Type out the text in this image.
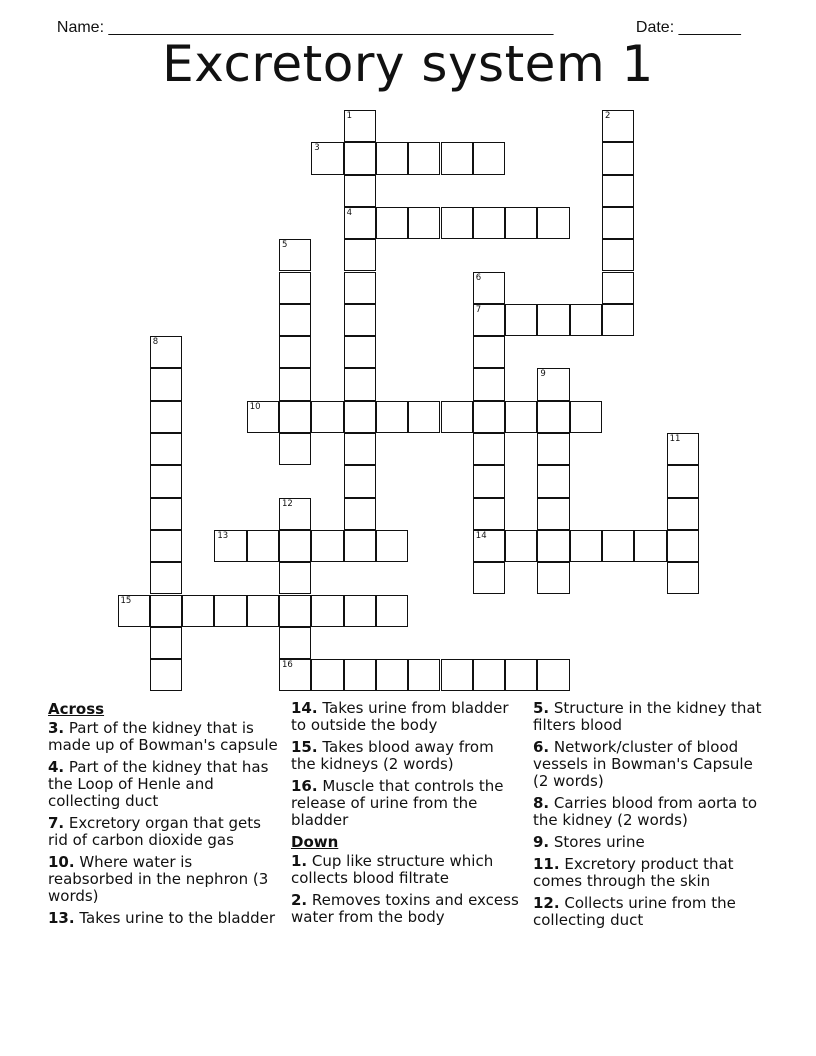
Name: __________________________________________________	Date: _______

Excretory system 1
1
4
2
3
5
6
7
14
8
9
10
11
12
13
15
16
Across
3. Part of the kidney that is made up of Bowman's capsule
4. Part of the kidney that has the Loop of Henle and collecting duct
7. Excretory organ that gets rid of carbon dioxide gas
10. Where water is reabsorbed in the nephron (3 words)
13. Takes urine to the bladder
14. Takes urine from bladder to outside the body
15. Takes blood away from the kidneys (2 words)
16. Muscle that controls the release of urine from the bladder
Down
1. Cup like structure which collects blood filtrate
2. Removes toxins and excess water from the body
5. Structure in the kidney that filters blood
6. Network/cluster of blood vessels in Bowman's Capsule (2 words)
8. Carries blood from aorta to the kidney (2 words)
9. Stores urine
11. Excretory product that comes through the skin
12. Collects urine from the collecting duct
